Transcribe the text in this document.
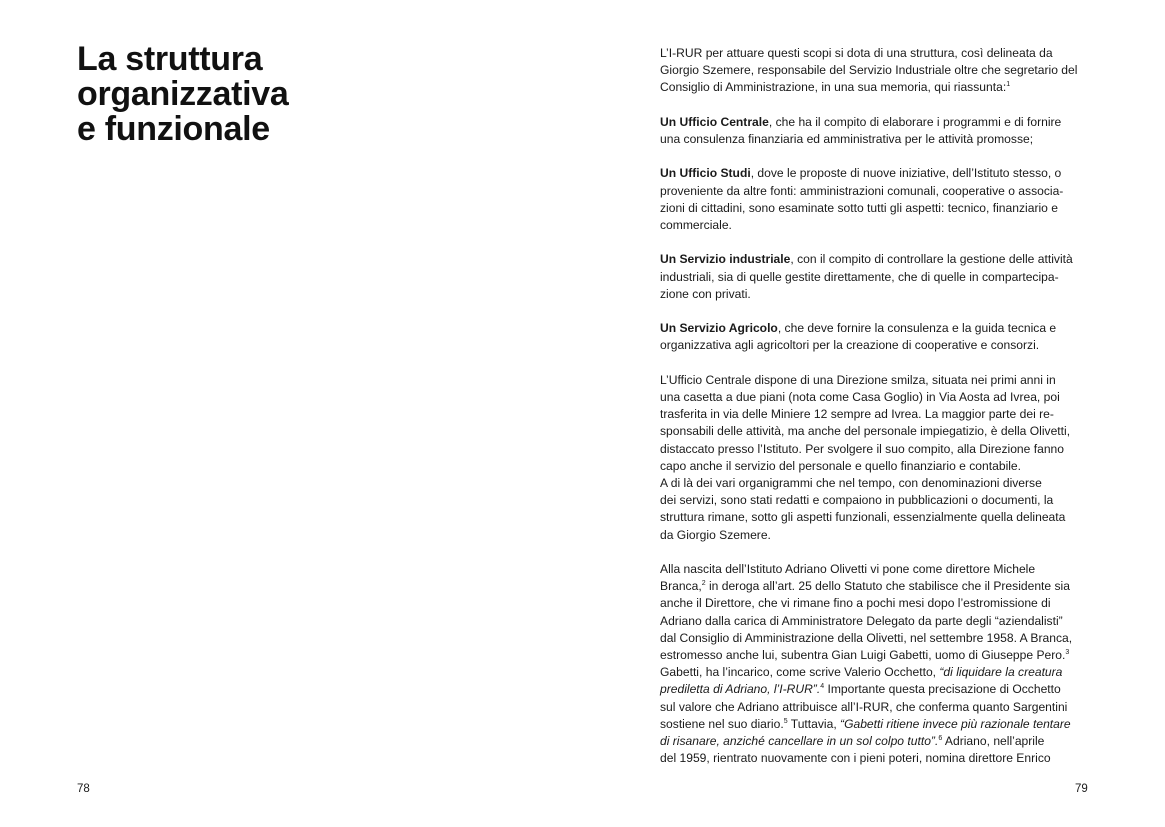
La struttura
organizzativa
e funzionale
78

L’I-RUR per attuare questi scopi si dota di una struttura, così delineata da
Giorgio Szemere, responsabile del Servizio Industriale oltre che segretario del
Consiglio di Amministrazione, in una sua memoria, qui riassunta:$^1$

Un Ufficio Centrale, che ha il compito di elaborare i programmi e di fornire
una consulenza finanziaria ed amministrativa per le attività promosse;

Un Ufficio Studi, dove le proposte di nuove iniziative, dell’Istituto stesso, o
proveniente da altre fonti: amministrazioni comunali, cooperative o associa-
zioni di cittadini, sono esaminate sotto tutti gli aspetti: tecnico, finanziario e
commerciale.

Un Servizio industriale, con il compito di controllare la gestione delle attività
industriali, sia di quelle gestite direttamente, che di quelle in compartecipa-
zione con privati.

Un Servizio Agricolo, che deve fornire la consulenza e la guida tecnica e
organizzativa agli agricoltori per la creazione di cooperative e consorzi.

L’Ufficio Centrale dispone di una Direzione smilza, situata nei primi anni in
una casetta a due piani (nota come Casa Goglio) in Via Aosta ad Ivrea, poi
trasferita in via delle Miniere 12 sempre ad Ivrea. La maggior parte dei re-
sponsabili delle attività, ma anche del personale impiegatizio, è della Olivetti,
distaccato presso l’Istituto. Per svolgere il suo compito, alla Direzione fanno
capo anche il servizio del personale e quello finanziario e contabile.
A di là dei vari organigrammi che nel tempo, con denominazioni diverse
dei servizi, sono stati redatti e compaiono in pubblicazioni o documenti, la
struttura rimane, sotto gli aspetti funzionali, essenzialmente quella delineata
da Giorgio Szemere.

Alla nascita dell’Istituto Adriano Olivetti vi pone come direttore Michele
Branca,$^2$ in deroga all’art. 25 dello Statuto che stabilisce che il Presidente sia
anche il Direttore, che vi rimane fino a pochi mesi dopo l’estromissione di
Adriano dalla carica di Amministratore Delegato da parte degli “aziendalisti”
dal Consiglio di Amministrazione della Olivetti, nel settembre 1958. A Branca,
estromesso anche lui, subentra Gian Luigi Gabetti, uomo di Giuseppe Pero.$^3$
Gabetti, ha l’incarico, come scrive Valerio Occhetto, “di liquidare la creatura
prediletta di Adriano, l’I-RUR”.$^4$ Importante questa precisazione di Occhetto
sul valore che Adriano attribuisce all’I-RUR, che conferma quanto Sargentini
sostiene nel suo diario.$^5$ Tuttavia, “Gabetti ritiene invece più razionale tentare
di risanare, anziché cancellare in un sol colpo tutto”.$^6$ Adriano, nell’aprile
del 1959, rientrato nuovamente con i pieni poteri, nomina direttore Enrico

79
